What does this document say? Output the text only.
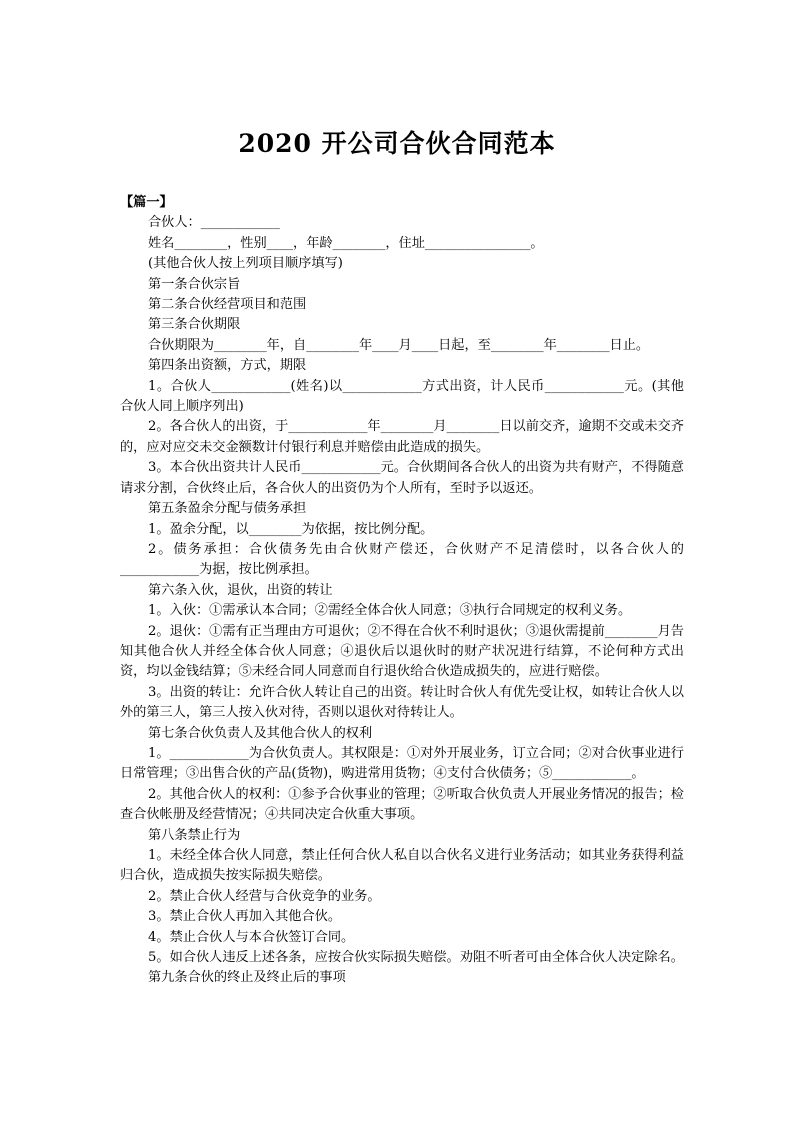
2020 开公司合伙合同范本

【篇一】

合伙人：____________

姓名________，性别____，年龄________，住址________________。

(其他合伙人按上列项目顺序填写)

第一条合伙宗旨

第二条合伙经营项目和范围

第三条合伙期限

合伙期限为________年，自________年____月____日起，至________年________日止。

第四条出资额，方式，期限

1。合伙人____________(姓名)以____________方式出资，计人民币____________元。(其他合伙人同上顺序列出)

2。各合伙人的出资，于____________年________月________日以前交齐，逾期不交或未交齐的，应对应交未交金额数计付银行利息并赔偿由此造成的损失。

3。本合伙出资共计人民币____________元。合伙期间各合伙人的出资为共有财产，不得随意请求分割，合伙终止后，各合伙人的出资仍为个人所有，至时予以返还。

第五条盈余分配与债务承担

1。盈余分配，以________为依据，按比例分配。

2。债务承担：合伙债务先由合伙财产偿还，合伙财产不足清偿时，以各合伙人的____________为据，按比例承担。

第六条入伙，退伙，出资的转让

1。入伙：①需承认本合同；②需经全体合伙人同意；③执行合同规定的权利义务。

2。退伙：①需有正当理由方可退伙；②不得在合伙不利时退伙；③退伙需提前________月告知其他合伙人并经全体合伙人同意；④退伙后以退伙时的财产状况进行结算，不论何种方式出资，均以金钱结算；⑤未经合同人同意而自行退伙给合伙造成损失的，应进行赔偿。

3。出资的转让：允许合伙人转让自己的出资。转让时合伙人有优先受让权，如转让合伙人以外的第三人，第三人按入伙对待，否则以退伙对待转让人。

第七条合伙负责人及其他合伙人的权利

1。____________为合伙负责人。其权限是：①对外开展业务，订立合同；②对合伙事业进行日常管理；③出售合伙的产品(货物)，购进常用货物；④支付合伙债务；⑤____________。

2。其他合伙人的权利：①参予合伙事业的管理；②听取合伙负责人开展业务情况的报告；检查合伙帐册及经营情况；④共同决定合伙重大事项。

第八条禁止行为

1。未经全体合伙人同意，禁止任何合伙人私自以合伙名义进行业务活动；如其业务获得利益归合伙，造成损失按实际损失赔偿。

2。禁止合伙人经营与合伙竞争的业务。

3。禁止合伙人再加入其他合伙。

4。禁止合伙人与本合伙签订合同。

5。如合伙人违反上述各条，应按合伙实际损失赔偿。劝阻不听者可由全体合伙人决定除名。

第九条合伙的终止及终止后的事项
